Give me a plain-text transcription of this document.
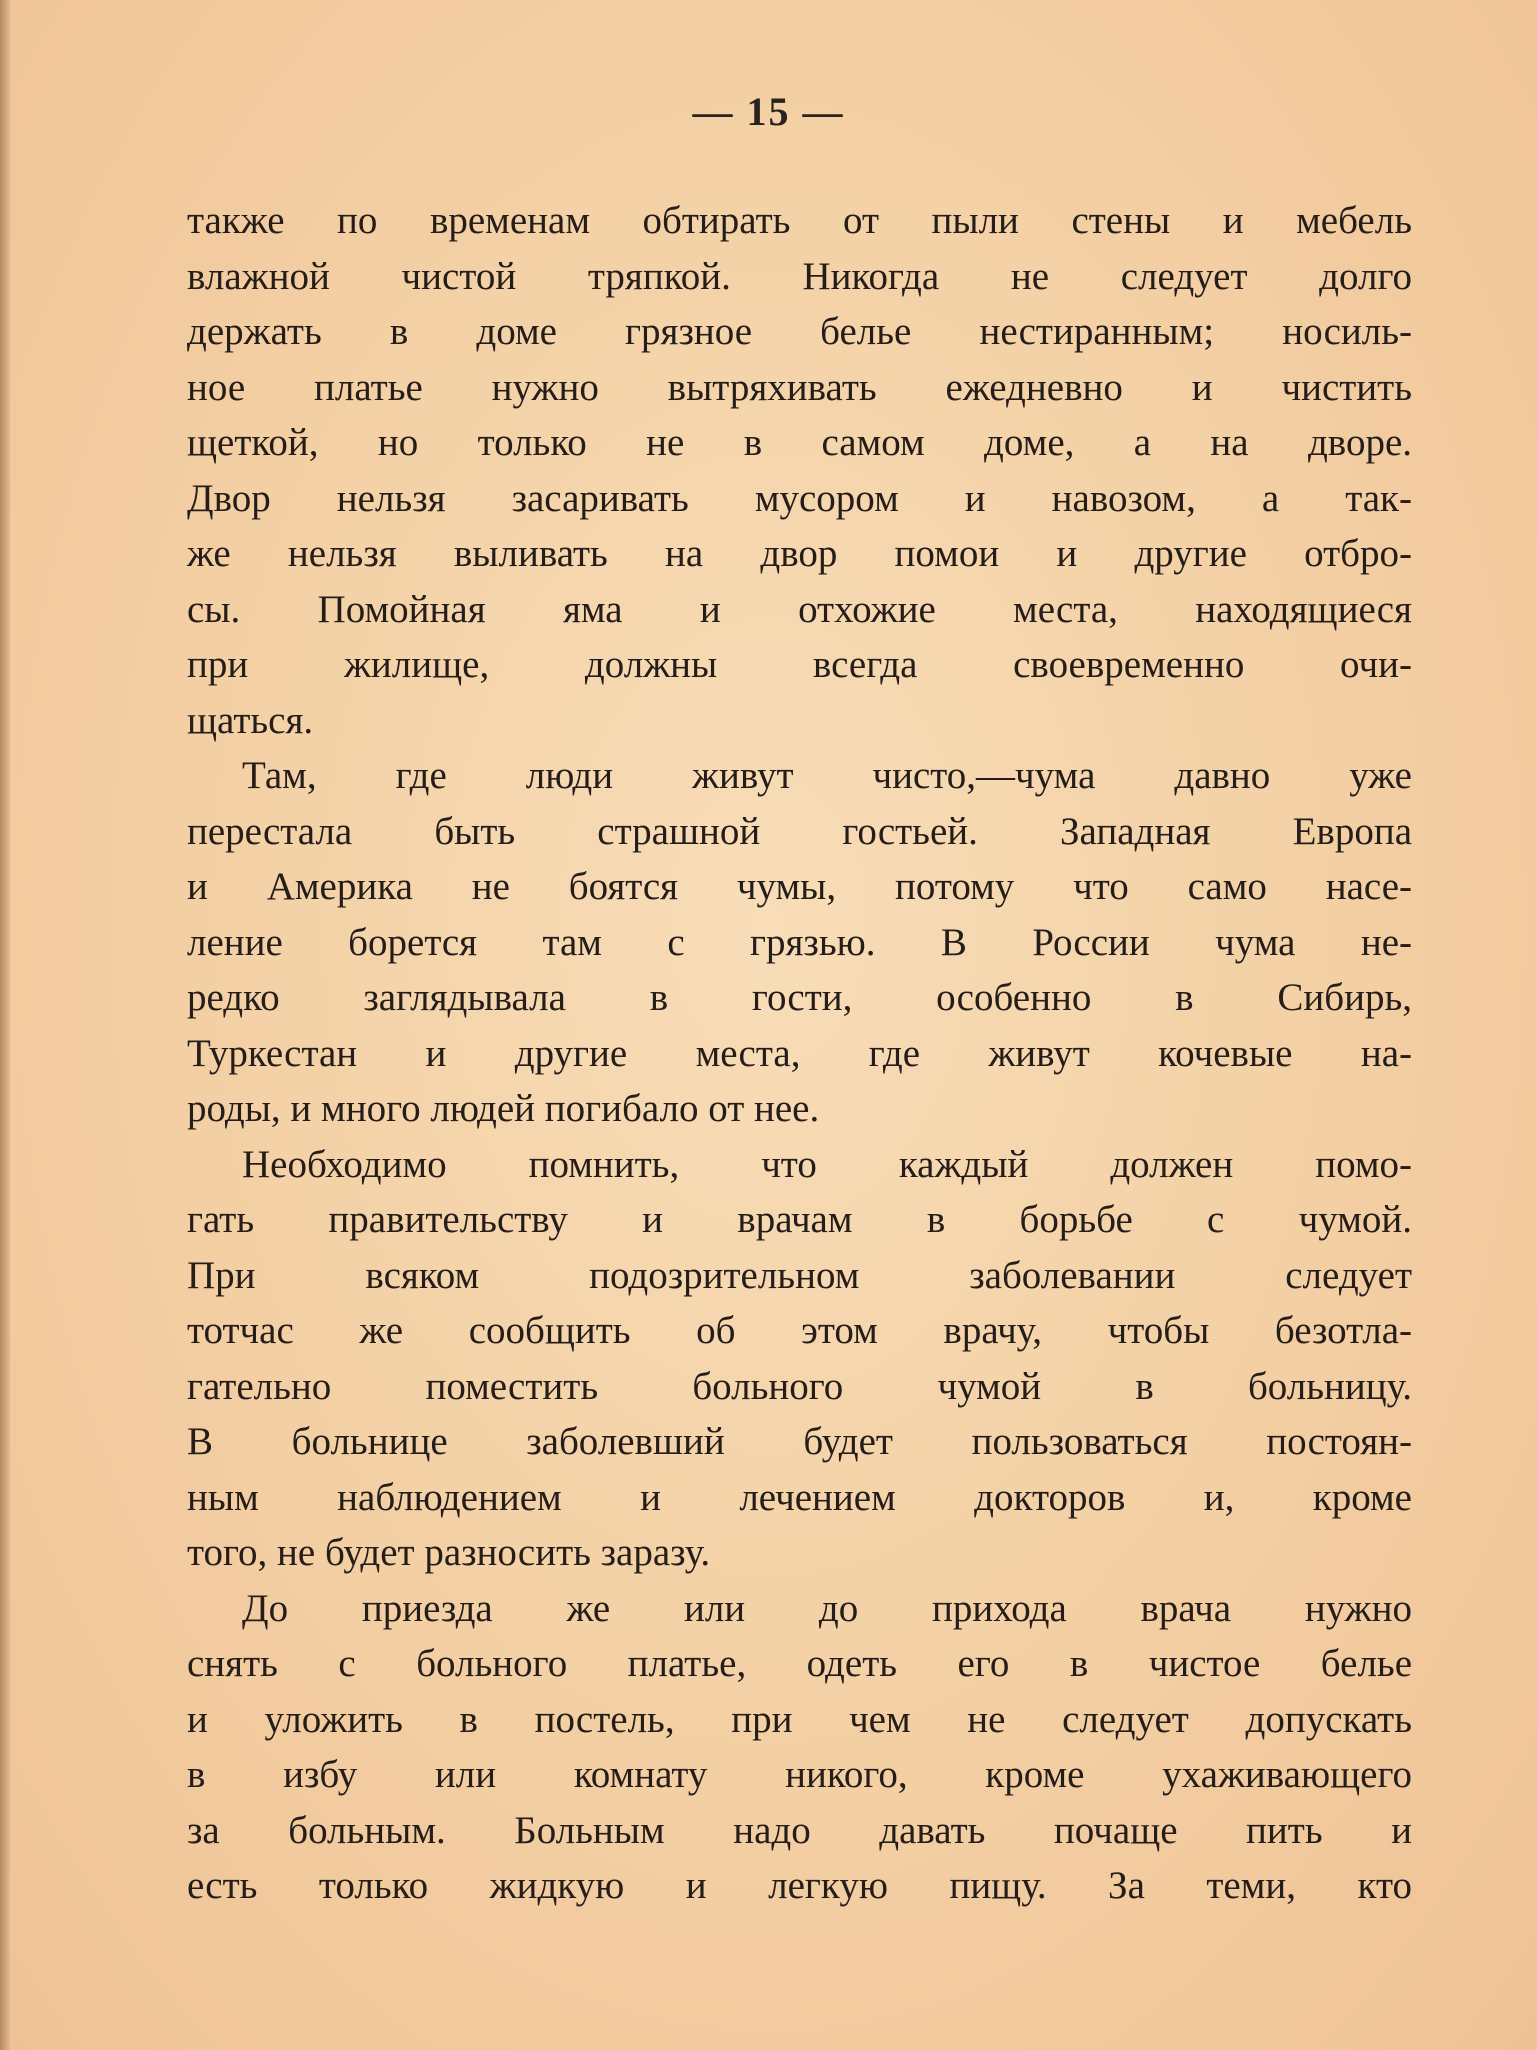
— 15 —
также по временам обтирать от пыли стены и мебель
влажной чистой тряпкой. Никогда не следует долго
держать в доме грязное белье нестиранным; носиль-
ное платье нужно вытряхивать ежедневно и чистить
щеткой, но только не в самом доме, а на дворе.
Двор нельзя засаривать мусором и навозом, а так-
же нельзя выливать на двор помои и другие отбро-
сы. Помойная яма и отхожие места, находящиеся
при жилище, должны всегда своевременно очи-
щаться.
Там, где люди живут чисто,—чума давно уже
перестала быть страшной гостьей. Западная Европа
и Америка не боятся чумы, потому что само насе-
ление борется там с грязью. В России чума не-
редко заглядывала в гости, особенно в Сибирь,
Туркестан и другие места, где живут кочевые на-
роды, и много людей погибало от нее.
Необходимо помнить, что каждый должен помо-
гать правительству и врачам в борьбе с чумой.
При всяком подозрительном заболевании следует
тотчас же сообщить об этом врачу, чтобы безотла-
гательно поместить больного чумой в больницу.
В больнице заболевший будет пользоваться постоян-
ным наблюдением и лечением докторов и, кроме
того, не будет разносить заразу.
До приезда же или до прихода врача нужно
снять с больного платье, одеть его в чистое белье
и уложить в постель, при чем не следует допускать
в избу или комнату никого, кроме ухаживающего
за больным. Больным надо давать почаще пить и
есть только жидкую и легкую пищу. За теми, кто
